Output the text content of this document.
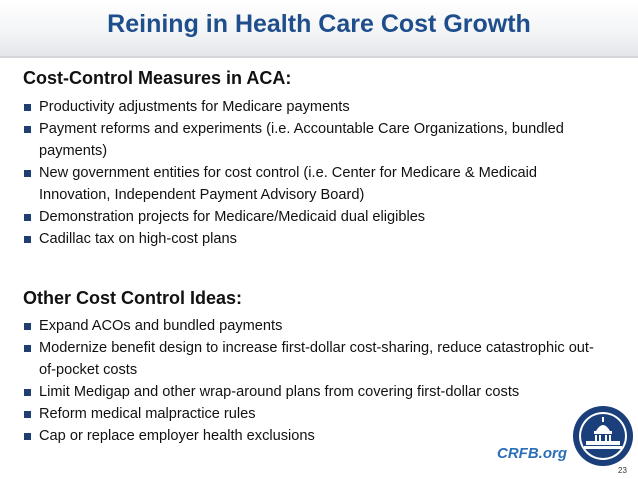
Reining in Health Care Cost Growth
Cost-Control Measures in ACA:
Productivity adjustments for Medicare payments
Payment reforms and experiments (i.e. Accountable Care Organizations, bundled payments)
New government entities for cost control (i.e. Center for Medicare & Medicaid Innovation, Independent Payment Advisory Board)
Demonstration projects for Medicare/Medicaid dual eligibles
Cadillac tax on high-cost plans
Other Cost Control Ideas:
Expand ACOs and bundled payments
Modernize benefit design to increase first-dollar cost-sharing, reduce catastrophic out-of-pocket costs
Limit Medigap and other wrap-around plans from covering first-dollar costs
Reform medical malpractice rules
Cap or replace employer health exclusions
CRFB.org
23
